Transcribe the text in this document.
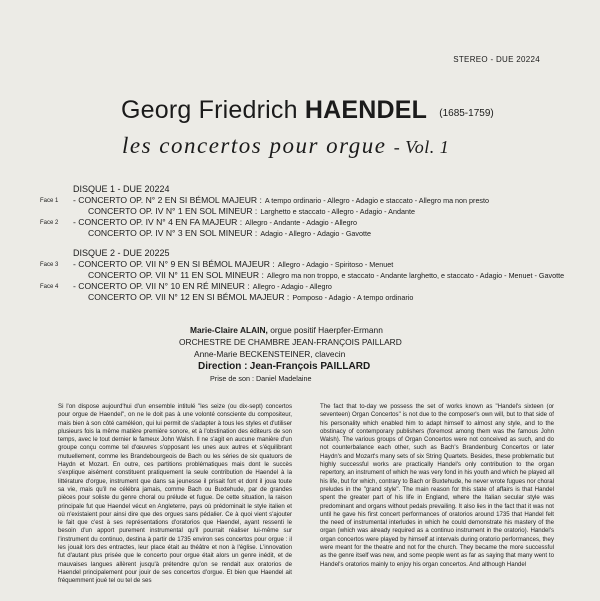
STEREO - DUE 20224
Georg Friedrich HAENDEL (1685-1759)
les concertos pour orgue - Vol. 1
DISQUE 1 - DUE 20224
Face 1	- CONCERTO OP. N° 2 EN SI BÉMOL MAJEUR : A tempo ordinario - Allegro - Adagio e staccato - Allegro ma non presto
CONCERTO OP. IV N° 1 EN SOL MINEUR : Larghetto e staccato - Allegro - Adagio - Andante
Face 2	- CONCERTO OP. IV N° 4 EN FA MAJEUR : Allegro - Andante - Adagio - Allegro
CONCERTO OP. IV N° 3 EN SOL MINEUR : Adagio - Allegro - Adagio - Gavotte
DISQUE 2 - DUE 20225
Face 3	- CONCERTO OP. VII N° 9 EN SI BÉMOL MAJEUR : Allegro - Adagio - Spiritoso - Menuet
CONCERTO OP. VII N° 11 EN SOL MINEUR : Allegro ma non troppo, e staccato - Andante larghetto, e staccato - Adagio - Menuet - Gavotte
Face 4	- CONCERTO OP. VII N° 10 EN RÉ MINEUR : Allegro - Adagio - Allegro
CONCERTO OP. VII N° 12 EN SI BÉMOL MAJEUR : Pomposo - Adagio - A tempo ordinario
Marie-Claire ALAIN, orgue positif Haerpfer-Ermann
ORCHESTRE DE CHAMBRE JEAN-FRANÇOIS PAILLARD
Anne-Marie BECKENSTEINER, clavecin
Direction : Jean-François PAILLARD
Prise de son : Daniel Madelaine

Si l'on dispose aujourd'hui d'un ensemble intitulé "les seize (ou dix-sept) concertos pour orgue de Haendel", on ne le doit pas à une volonté consciente du compositeur, mais bien à son côté caméléon, qui lui permit de s'adapter à tous les styles et d'utiliser plusieurs fois la même matière première sonore, et à l'obstination des éditeurs de son temps, avec le tout dernier le fameux John Walsh. Il ne s'agit en aucune manière d'un groupe conçu comme tel d'œuvres s'opposant les unes aux autres et s'équilibrant mutuellement, comme les Brandebourgeois de Bach ou les séries de six quatuors de Haydn et Mozart. En outre, ces partitions problématiques mais dont le succès s'explique aisément constituent pratiquement la seule contribution de Haendel à la littérature d'orgue, instrument que dans sa jeunesse il prisait fort et dont il joua toute sa vie, mais qu'il ne célébra jamais, comme Bach ou Buxtehude, par de grandes pièces pour soliste du genre choral ou prélude et fugue. De cette situation, la raison principale fut que Haendel vécut en Angleterre, pays où prédominait le style italien et où n'existaient pour ainsi dire que des orgues sans pédalier. Ce à quoi vient s'ajouter le fait que c'est à ses représentations d'oratorios que Haendel, ayant ressenti le besoin d'un apport purement instrumental qu'il pourrait réaliser lui-même sur l'instrument du continuo, destina à partir de 1735 environ ses concertos pour orgue : il les jouait lors des entractes, leur place était au théâtre et non à l'église. L'innovation fut d'autant plus prisée que le concerto pour orgue était alors un genre inédit, et de mauvaises langues allèrent jusqu'à prétendre qu'on se rendait aux oratorios de Haendel principalement pour jouir de ses concertos d'orgue. Et bien que Haendel ait fréquemment joué tel ou tel de ses

The fact that to-day we possess the set of works known as "Handel's sixteen (or seventeen) Organ Concertos" is not due to the composer's own will, but to that side of his personality which enabled him to adapt himself to almost any style, and to the obstinacy of contemporary publishers (foremost among them was the famous John Walsh). The various groups of Organ Concertos were not conceived as such, and do not counterbalance each other, such as Bach's Brandenburg Concertos or later Haydn's and Mozart's many sets of six String Quartets. Besides, these problematic but highly successful works are practically Handel's only contribution to the organ repertory, an instrument of which he was very fond in his youth and which he played all his life, but for which, contrary to Bach or Buxtehude, he never wrote fugues nor choral preludes in the "grand style". The main reason for this state of affairs is that Handel spent the greater part of his life in England, where the Italian secular style was predominant and organs without pedals prevailing. It also lies in the fact that it was not until he gave his first concert performances of oratorios around 1735 that Handel felt the need of instrumental interludes in which he could demonstrate his mastery of the organ (which was already required as a continuo instrument in the oratorio). Handel's organ concertos were played by himself at intervals during oratorio performances, they were meant for the theatre and not for the church. They became the more successful as the genre itself was new, and some people went as far as saying that many went to Handel's oratorios mainly to enjoy his organ concertos. And although Handel
